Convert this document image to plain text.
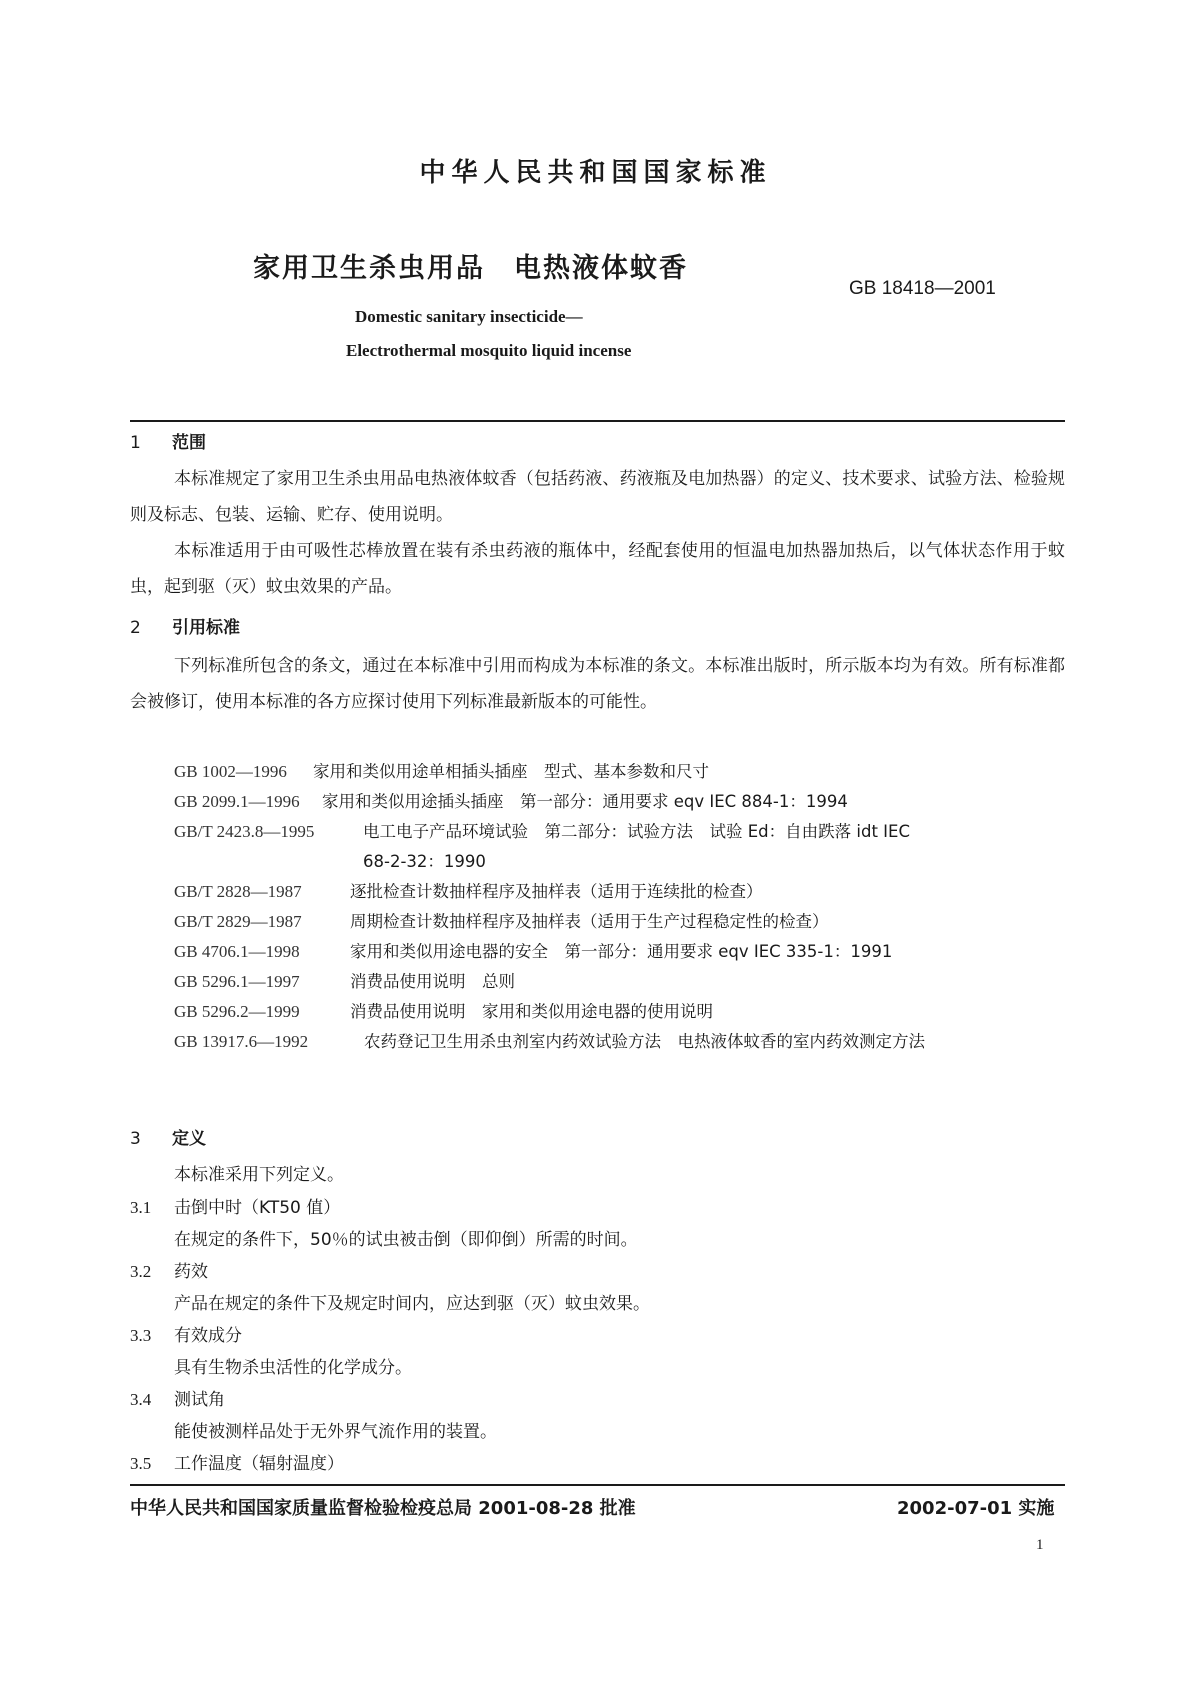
中华人民共和国国家标准
家用卫生杀虫用品　电热液体蚊香
GB 18418—2001
Domestic sanitary insecticide—
Electrothermal mosquito liquid incense
1 范围
本标准规定了家用卫生杀虫用品电热液体蚊香（包括药液、药液瓶及电加热器）的定义、技术要求、试验方法、检验规则及标志、包装、运输、贮存、使用说明。
本标准适用于由可吸性芯棒放置在装有杀虫药液的瓶体中，经配套使用的恒温电加热器加热后，以气体状态作用于蚊虫，起到驱（灭）蚊虫效果的产品。
2 引用标准
下列标准所包含的条文，通过在本标准中引用而构成为本标准的条文。本标准出版时，所示版本均为有效。所有标准都会被修订，使用本标准的各方应探讨使用下列标准最新版本的可能性。
GB 1002—1996	家用和类似用途单相插头插座　型式、基本参数和尺寸
GB 2099.1—1996	家用和类似用途插头插座　第一部分：通用要求 eqv IEC 884-1：1994
GB/T 2423.8—1995	电工电子产品环境试验　第二部分：试验方法　试验 Ed：自由跌落 idt IEC 68-2-32：1990
GB/T 2828—1987	逐批检查计数抽样程序及抽样表（适用于连续批的检查）
GB/T 2829—1987	周期检查计数抽样程序及抽样表（适用于生产过程稳定性的检查）
GB 4706.1—1998	家用和类似用途电器的安全　第一部分：通用要求 eqv IEC 335-1：1991
GB 5296.1—1997	消费品使用说明　总则
GB 5296.2—1999	消费品使用说明　家用和类似用途电器的使用说明
GB 13917.6—1992	农药登记卫生用杀虫剂室内药效试验方法　电热液体蚊香的室内药效测定方法
3 定义
本标准采用下列定义。
3.1 击倒中时（KT50 值）
在规定的条件下，50％的试虫被击倒（即仰倒）所需的时间。
3.2 药效
产品在规定的条件下及规定时间内，应达到驱（灭）蚊虫效果。
3.3 有效成分
具有生物杀虫活性的化学成分。
3.4 测试角
能使被测样品处于无外界气流作用的装置。
3.5 工作温度（辐射温度）
中华人民共和国国家质量监督检验检疫总局 2001-08-28 批准	2002-07-01 实施
1
